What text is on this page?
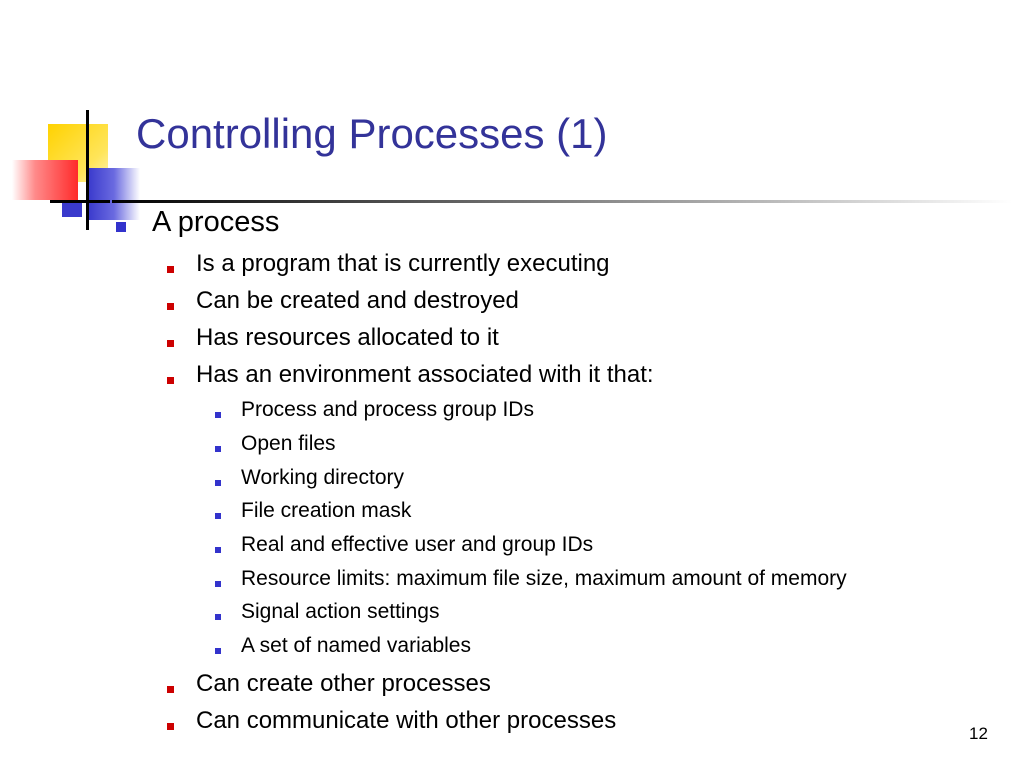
Controlling Processes (1)
A process
Is a program that is currently executing
Can be created and destroyed
Has resources allocated to it
Has an environment associated with it that:
Process and process group IDs
Open files
Working directory
File creation mask
Real and effective user and group IDs
Resource limits: maximum file size, maximum amount of memory
Signal action settings
A set of named variables
Can create other processes
Can communicate with other processes	12
